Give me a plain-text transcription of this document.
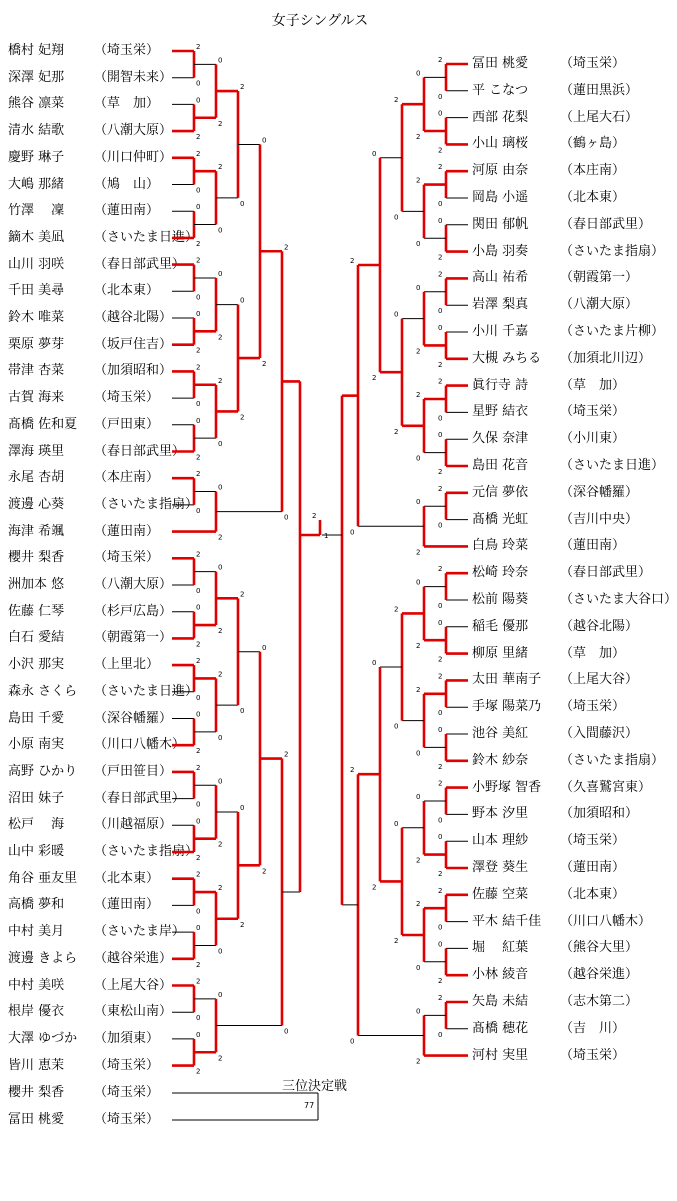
女子シングルス
橋村 妃翔 （埼玉栄）
深澤 妃那 （開智未来）
熊谷 凛菜 （草　加）
清水 結歌 （八潮大原）
慶野 琳子 （川口仲町）
大嶋 那緒 （鳩　山）
竹澤　 凜 （蓮田南）
鏑木 美凪 （さいたま日進）
山川 羽咲 （春日部武里）
千田 美尋 （北本東）
鈴木 唯菜 （越谷北陽）
栗原 夢芽 （坂戸住吉）
帯津 杏菜 （加須昭和）
古賀 海来 （埼玉栄）
髙橋 佐和夏 （戸田東）
澤海 瑛里 （春日部武里）
永尾 杏胡 （本庄南）
渡邊 心葵 （さいたま指扇）
海津 希颯 （蓮田南）
櫻井 梨香 （埼玉栄）
洲加本 悠 （八潮大原）
佐藤 仁琴 （杉戸広島）
白石 愛結 （朝霞第一）
小沢 那実 （上里北）
森永 さくら （さいたま日進）
島田 千愛 （深谷幡羅）
小原 南実 （川口八幡木）
高野 ひかり （戸田笹目）
沼田 妹子 （春日部武里）
松戸　 海 （川越福原）
山中 彩暖 （さいたま指扇）
角谷 亜友里 （北本東）
高橋 夢和 （蓮田南）
中村 美月 （さいたま岸）
渡邊 きよら （越谷栄進）
中村 美咲 （上尾大谷）
根岸 優衣 （東松山南）
大澤 ゆづか （加須東）
皆川 恵茉 （埼玉栄）
冨田 桃愛 （埼玉栄）
平 こなつ （蓮田黒浜）
西部 花梨 （上尾大石）
小山 璃桜 （鶴ヶ島）
河原 由奈 （本庄南）
岡島 小遥 （北本東）
関田 郁帆 （春日部武里）
小島 羽奏 （さいたま指扇）
高山 祐希 （朝霞第一）
岩澤 梨真 （八潮大原）
小川 千嘉 （さいたま片柳）
大槻 みちる （加須北川辺）
眞行寺 詩 （草　加）
星野 結衣 （埼玉栄）
久保 奈津 （小川東）
島田 花音 （さいたま日進）
元信 夢依 （深谷幡羅）
髙橋 光虹 （吉川中央）
白鳥 玲菜 （蓮田南）
松崎 玲奈 （春日部武里）
松前 陽葵 （さいたま大谷口）
稲毛 優那 （越谷北陽）
柳原 里緒 （草　加）
太田 華南子 （上尾大谷）
手塚 陽菜乃 （埼玉栄）
池谷 美紅 （入間藤沢）
鈴木 紗奈 （さいたま指扇）
小野塚 智香 （久喜鷲宮東）
野本 汐里 （加須昭和）
山本 理紗 （埼玉栄）
澤登 葵生 （蓮田南）
佐藤 空菜 （北本東）
平木 結千佳 （川口八幡木）
堀　 紅葉 （熊谷大里）
小林 綾音 （越谷栄進）
矢島 未結 （志木第二）
髙橋 穂花 （吉　川）
河村 実里 （埼玉栄）
櫻井 梨香 （埼玉栄）
冨田 桃愛 （埼玉栄）
2
0
0
2
2
0
0
2
2
0
0
2
2
0
0
2
2
0
0
2
2
0
0
2
2
0
0
2
2
0
0
2
0
2
2
0
2
0
0
2
2
0
0
2
2
0
0
2
2
0
0
2
2
0
0
2
0
2
2
0
0
2
2
0
0
2
2
0
0
2
0
2
2
0
2
0
0
2
2
0
0
2
2
0
0
2
2
0
0
2
2
0
0
2
2
0
0
2
2
0
0
2
2
0
0
2
0
2
2
0
2
0
0
2
2
0
0
2
2
0
0
2
2
0
0
2
2
0
0
2
2
0
0
2
2
0
0
2
2
0
0
2
0
2
2
0
2
1
三位決定戦
77
